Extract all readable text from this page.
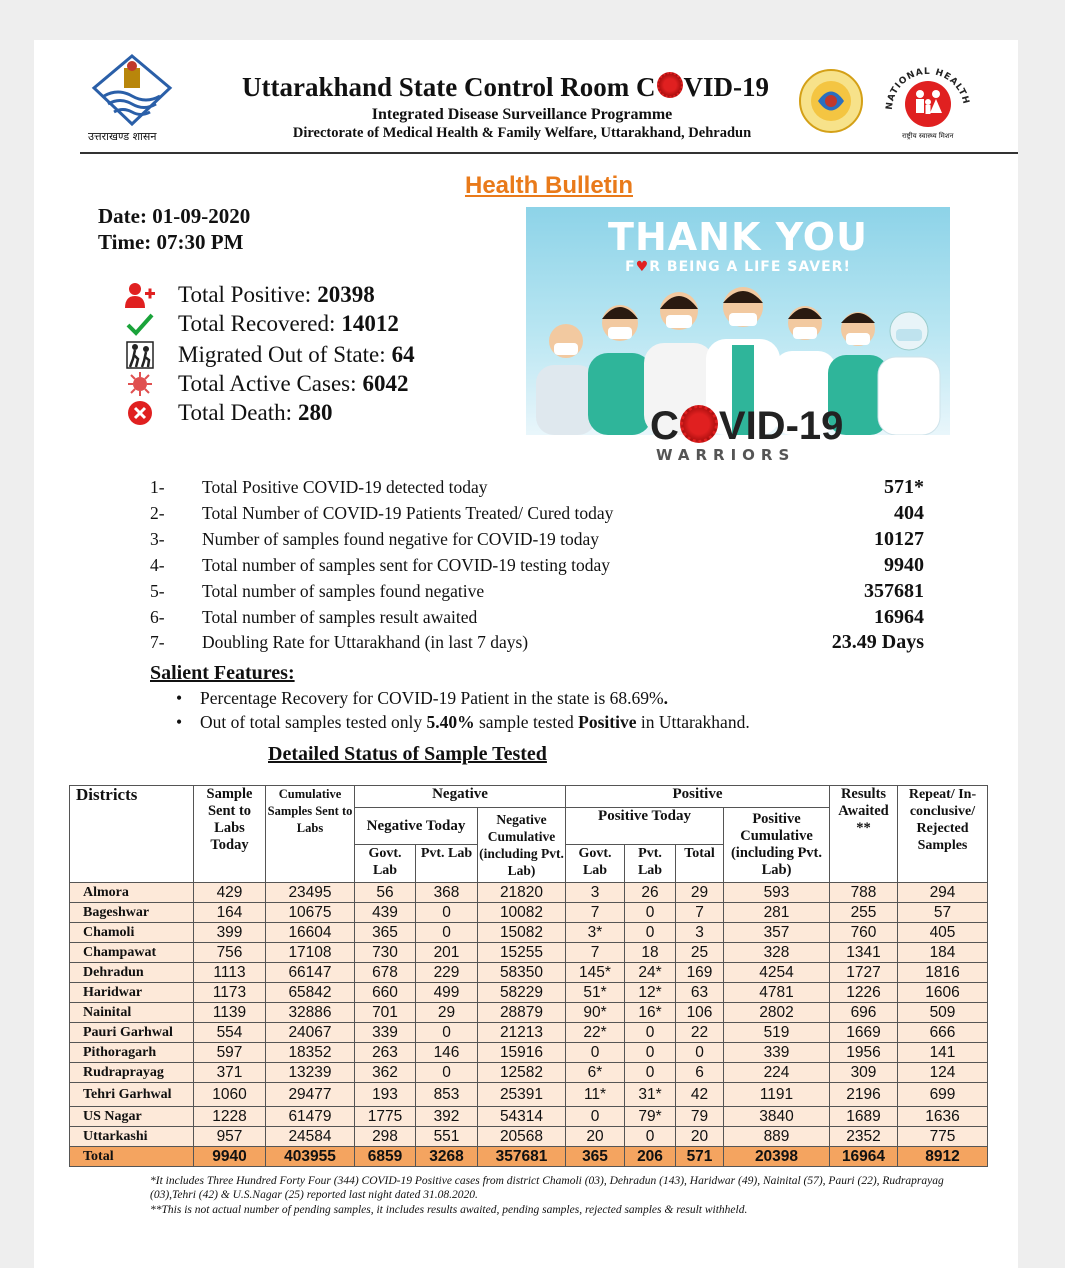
उत्तराखण्ड शासन
Uttarakhand State Control Room C VID-19
Integrated Disease Surveillance Programme
Directorate of Medical Health & Family Welfare, Uttarakhand, Dehradun
NATIONAL HEALTH
राष्ट्रीय स्वास्थ्य मिशन
Health Bulletin
Date: 01-09-2020
Time: 07:30 PM
Total Positive: 20398
Total Recovered: 14012
Migrated Out of State: 64
Total Active Cases: 6042
Total Death: 280
THANK YOU
F♥R BEING A LIFE SAVER!
C VID-19
WARRIORS
1-	Total Positive COVID-19 detected today	571*
2-	Total Number of COVID-19 Patients Treated/ Cured today	404
3-	Number of samples found negative for COVID-19 today	10127
4-	Total number of samples sent for COVID-19 testing today	9940
5-	Total number of samples found negative	357681
6-	Total number of samples result awaited	16964
7-	Doubling Rate for Uttarakhand (in last 7 days)	23.49 Days
Salient Features:
• Percentage Recovery for COVID-19 Patient in the state is 68.69%.
• Out of total samples tested only 5.40% sample tested Positive in Uttarakhand.
Detailed Status of Sample Tested
Districts	Sample Sent to Labs Today	Cumulative Samples Sent to Labs	Negative			Positive				Results Awaited **	Repeat/ In-conclusive/ Rejected Samples
			Negative Today		Negative Cumulative (including Pvt. Lab)	Positive Today			Positive Cumulative (including Pvt. Lab)		
			Govt. Lab	Pvt. Lab		Govt. Lab	Pvt. Lab	Total			
Almora	429	23495	56	368	21820	3	26	29	593	788	294
Bageshwar	164	10675	439	0	10082	7	0	7	281	255	57
Chamoli	399	16604	365	0	15082	3*	0	3	357	760	405
Champawat	756	17108	730	201	15255	7	18	25	328	1341	184
Dehradun	1113	66147	678	229	58350	145*	24*	169	4254	1727	1816
Haridwar	1173	65842	660	499	58229	51*	12*	63	4781	1226	1606
Nainital	1139	32886	701	29	28879	90*	16*	106	2802	696	509
Pauri Garhwal	554	24067	339	0	21213	22*	0	22	519	1669	666
Pithoragarh	597	18352	263	146	15916	0	0	0	339	1956	141
Rudraprayag	371	13239	362	0	12582	6*	0	6	224	309	124
Tehri Garhwal	1060	29477	193	853	25391	11*	31*	42	1191	2196	699
US Nagar	1228	61479	1775	392	54314	0	79*	79	3840	1689	1636
Uttarkashi	957	24584	298	551	20568	20	0	20	889	2352	775
Total	9940	403955	6859	3268	357681	365	206	571	20398	16964	8912
*It includes Three Hundred Forty Four (344) COVID-19 Positive cases from district Chamoli (03), Dehradun (143), Haridwar (49), Nainital (57), Pauri (22), Rudraprayag (03),Tehri (42) & U.S.Nagar (25) reported last night dated 31.08.2020.
**This is not actual number of pending samples, it includes results awaited, pending samples, rejected samples & result withheld.
